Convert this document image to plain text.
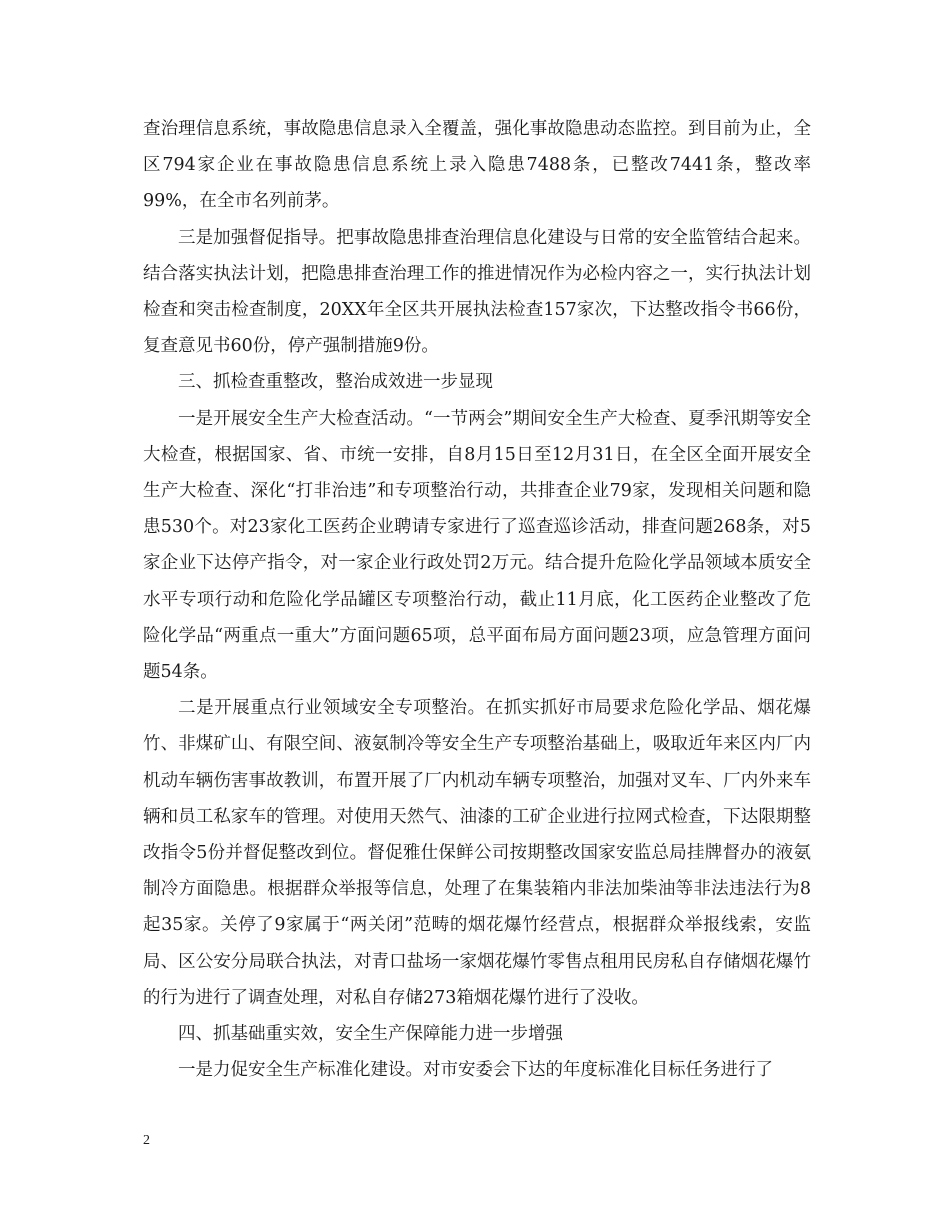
查治理信息系统，事故隐患信息录入全覆盖，强化事故隐患动态监控。到目前为止，全区794家企业在事故隐患信息系统上录入隐患7488条，已整改7441条，整改率99%，在全市名列前茅。

三是加强督促指导。把事故隐患排查治理信息化建设与日常的安全监管结合起来。结合落实执法计划，把隐患排查治理工作的推进情况作为必检内容之一，实行执法计划检查和突击检查制度，20XX年全区共开展执法检查157家次，下达整改指令书66份，复查意见书60份，停产强制措施9份。

三、抓检查重整改，整治成效进一步显现

一是开展安全生产大检查活动。“一节两会”期间安全生产大检查、夏季汛期等安全大检查，根据国家、省、市统一安排，自8月15日至12月31日，在全区全面开展安全生产大检查、深化“打非治违”和专项整治行动，共排查企业79家，发现相关问题和隐患530个。对23家化工医药企业聘请专家进行了巡查巡诊活动，排查问题268条，对5家企业下达停产指令，对一家企业行政处罚2万元。结合提升危险化学品领域本质安全水平专项行动和危险化学品罐区专项整治行动，截止11月底，化工医药企业整改了危险化学品“两重点一重大”方面问题65项，总平面布局方面问题23项，应急管理方面问题54条。

二是开展重点行业领域安全专项整治。在抓实抓好市局要求危险化学品、烟花爆竹、非煤矿山、有限空间、液氨制冷等安全生产专项整治基础上，吸取近年来区内厂内机动车辆伤害事故教训，布置开展了厂内机动车辆专项整治，加强对叉车、厂内外来车辆和员工私家车的管理。对使用天然气、油漆的工矿企业进行拉网式检查，下达限期整改指令5份并督促整改到位。督促雅仕保鲜公司按期整改国家安监总局挂牌督办的液氨制冷方面隐患。根据群众举报等信息，处理了在集装箱内非法加柴油等非法违法行为8起35家。关停了9家属于“两关闭”范畴的烟花爆竹经营点，根据群众举报线索，安监局、区公安分局联合执法，对青口盐场一家烟花爆竹零售点租用民房私自存储烟花爆竹的行为进行了调查处理，对私自存储273箱烟花爆竹进行了没收。

四、抓基础重实效，安全生产保障能力进一步增强

一是力促安全生产标准化建设。对市安委会下达的年度标准化目标任务进行了

2
